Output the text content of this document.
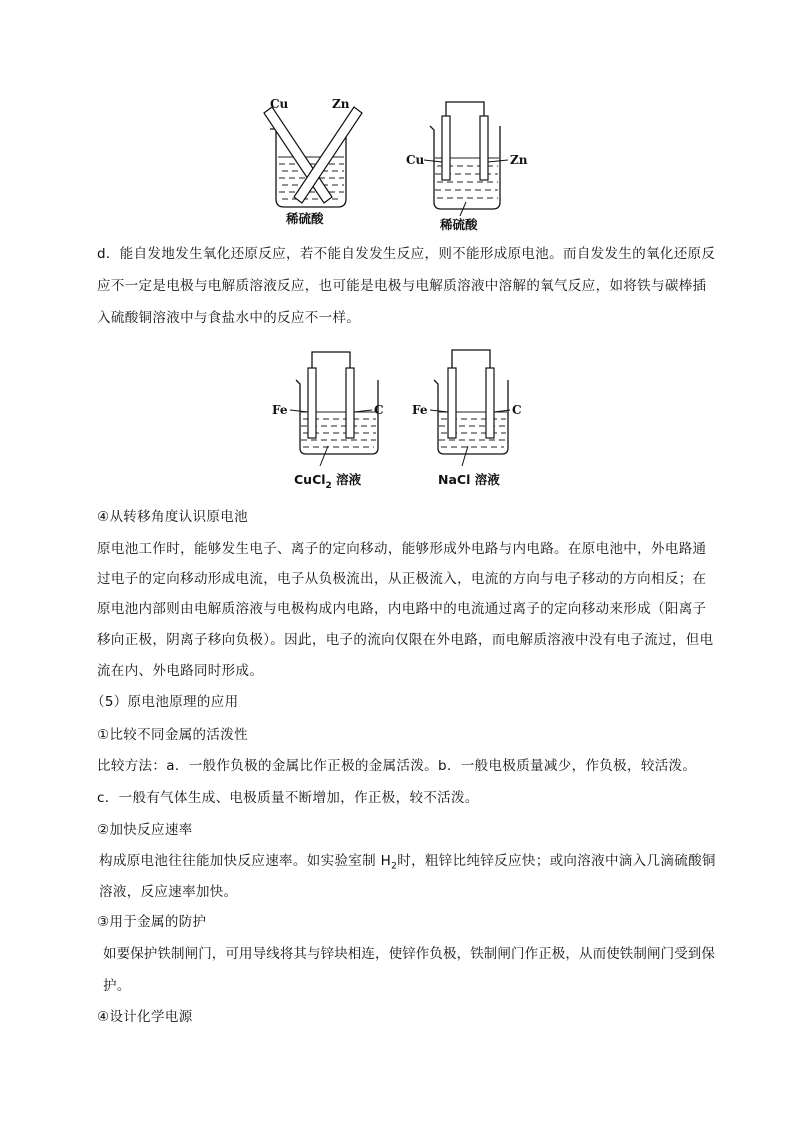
Cu	Zn
稀硫酸
Cu	Zn
稀硫酸
d．能自发地发生氧化还原反应，若不能自发发生反应，则不能形成原电池。而自发发生的氧化还原反
应不一定是电极与电解质溶液反应，也可能是电极与电解质溶液中溶解的氧气反应，如将铁与碳棒插
入硫酸铜溶液中与食盐水中的反应不一样。
Fe	C
CuCl$_2$ 溶液
Fe	C
NaCl 溶液
④从转移角度认识原电池
原电池工作时，能够发生电子、离子的定向移动，能够形成外电路与内电路。在原电池中，外电路通
过电子的定向移动形成电流，电子从负极流出，从正极流入，电流的方向与电子移动的方向相反；在
原电池内部则由电解质溶液与电极构成内电路，内电路中的电流通过离子的定向移动来形成（阳离子
移向正极，阴离子移向负极）。因此，电子的流向仅限在外电路，而电解质溶液中没有电子流过，但电
流在内、外电路同时形成。
（5）原电池原理的应用
①比较不同金属的活泼性
比较方法：a．一般作负极的金属比作正极的金属活泼。b．一般电极质量减少，作负极，较活泼。
c．一般有气体生成、电极质量不断增加，作正极，较不活泼。
②加快反应速率
构成原电池往往能加快反应速率。如实验室制 $H_2$时，粗锌比纯锌反应快；或向溶液中滴入几滴硫酸铜
溶液，反应速率加快。
③用于金属的防护
如要保护铁制闸门，可用导线将其与锌块相连，使锌作负极，铁制闸门作正极，从而使铁制闸门受到保
护。
④设计化学电源
